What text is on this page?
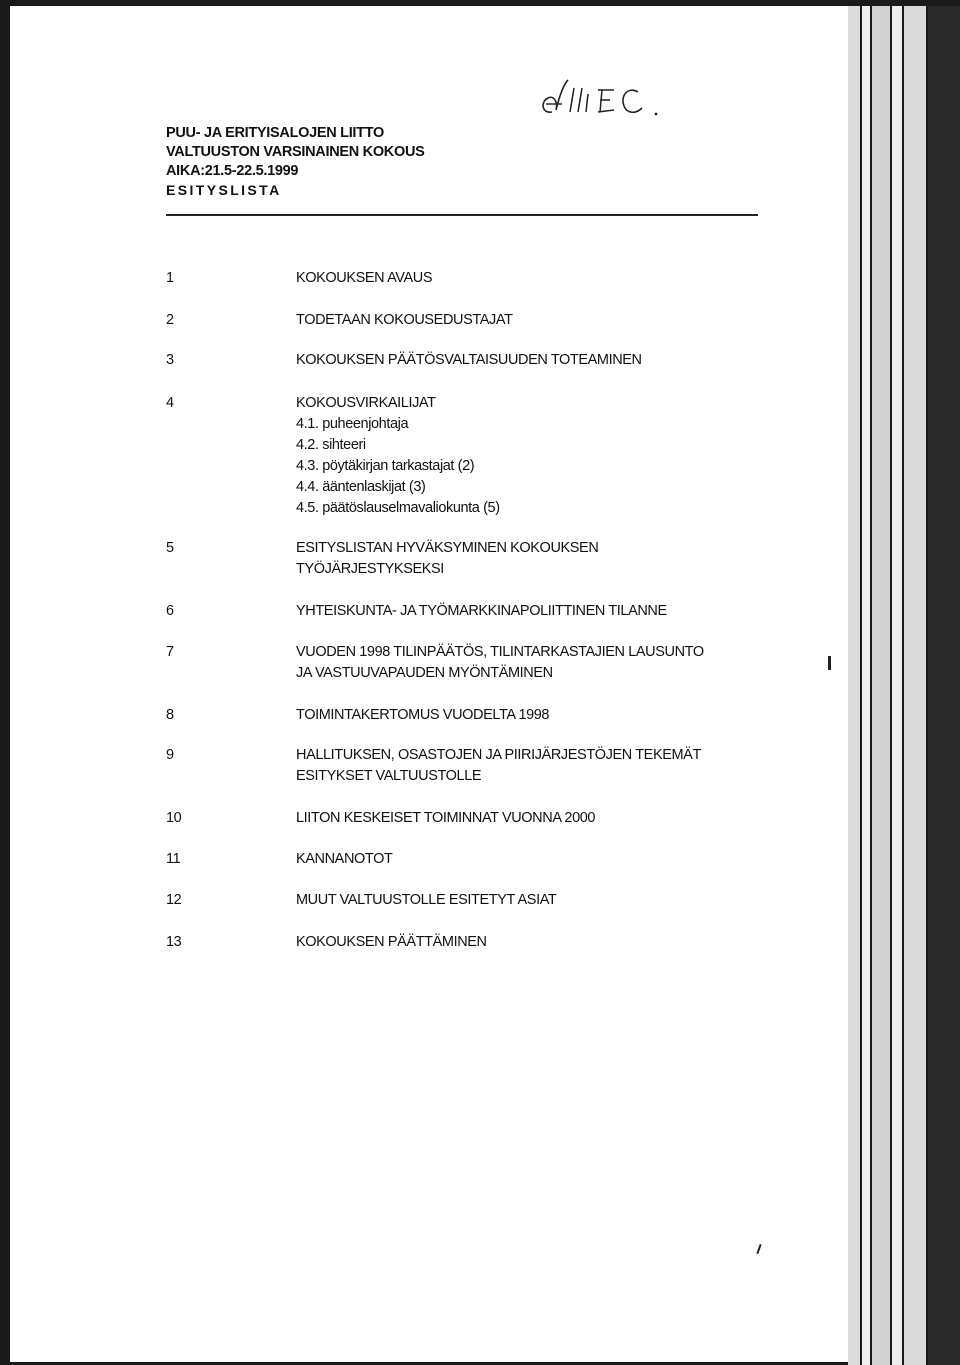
PUU- JA ERITYISALOJEN LIITTO
VALTUUSTON VARSINAINEN KOKOUS
AIKA:21.5-22.5.1999
ESITYSLISTA
1	KOKOUKSEN AVAUS
2	TODETAAN KOKOUSEDUSTAJAT
3	KOKOUKSEN PÄÄTÖSVALTAISUUDEN TOTEAMINEN
4	KOKOUSVIRKAILIJAT
4.1. puheenjohtaja
4.2. sihteeri
4.3. pöytäkirjan tarkastajat (2)
4.4. ääntenlaskijat (3)
4.5. päätöslauselmavaliokunta (5)
5	ESITYSLISTAN HYVÄKSYMINEN KOKOUKSEN
TYÖJÄRJESTYKSEKSI
6	YHTEISKUNTA- JA TYÖMARKKINAPOLIITTINEN TILANNE
7	VUODEN 1998 TILINPÄÄTÖS, TILINTARKASTAJIEN LAUSUNTO
JA VASTUUVAPAUDEN MYÖNTÄMINEN
8	TOIMINTAKERTOMUS VUODELTA 1998
9	HALLITUKSEN, OSASTOJEN JA PIIRIJÄRJESTÖJEN TEKEMÄT
ESITYKSET VALTUUSTOLLE
10	LIITON KESKEISET TOIMINNAT VUONNA 2000
11	KANNANOTOT
12	MUUT VALTUUSTOLLE ESITETYT ASIAT
13	KOKOUKSEN PÄÄTTÄMINEN
